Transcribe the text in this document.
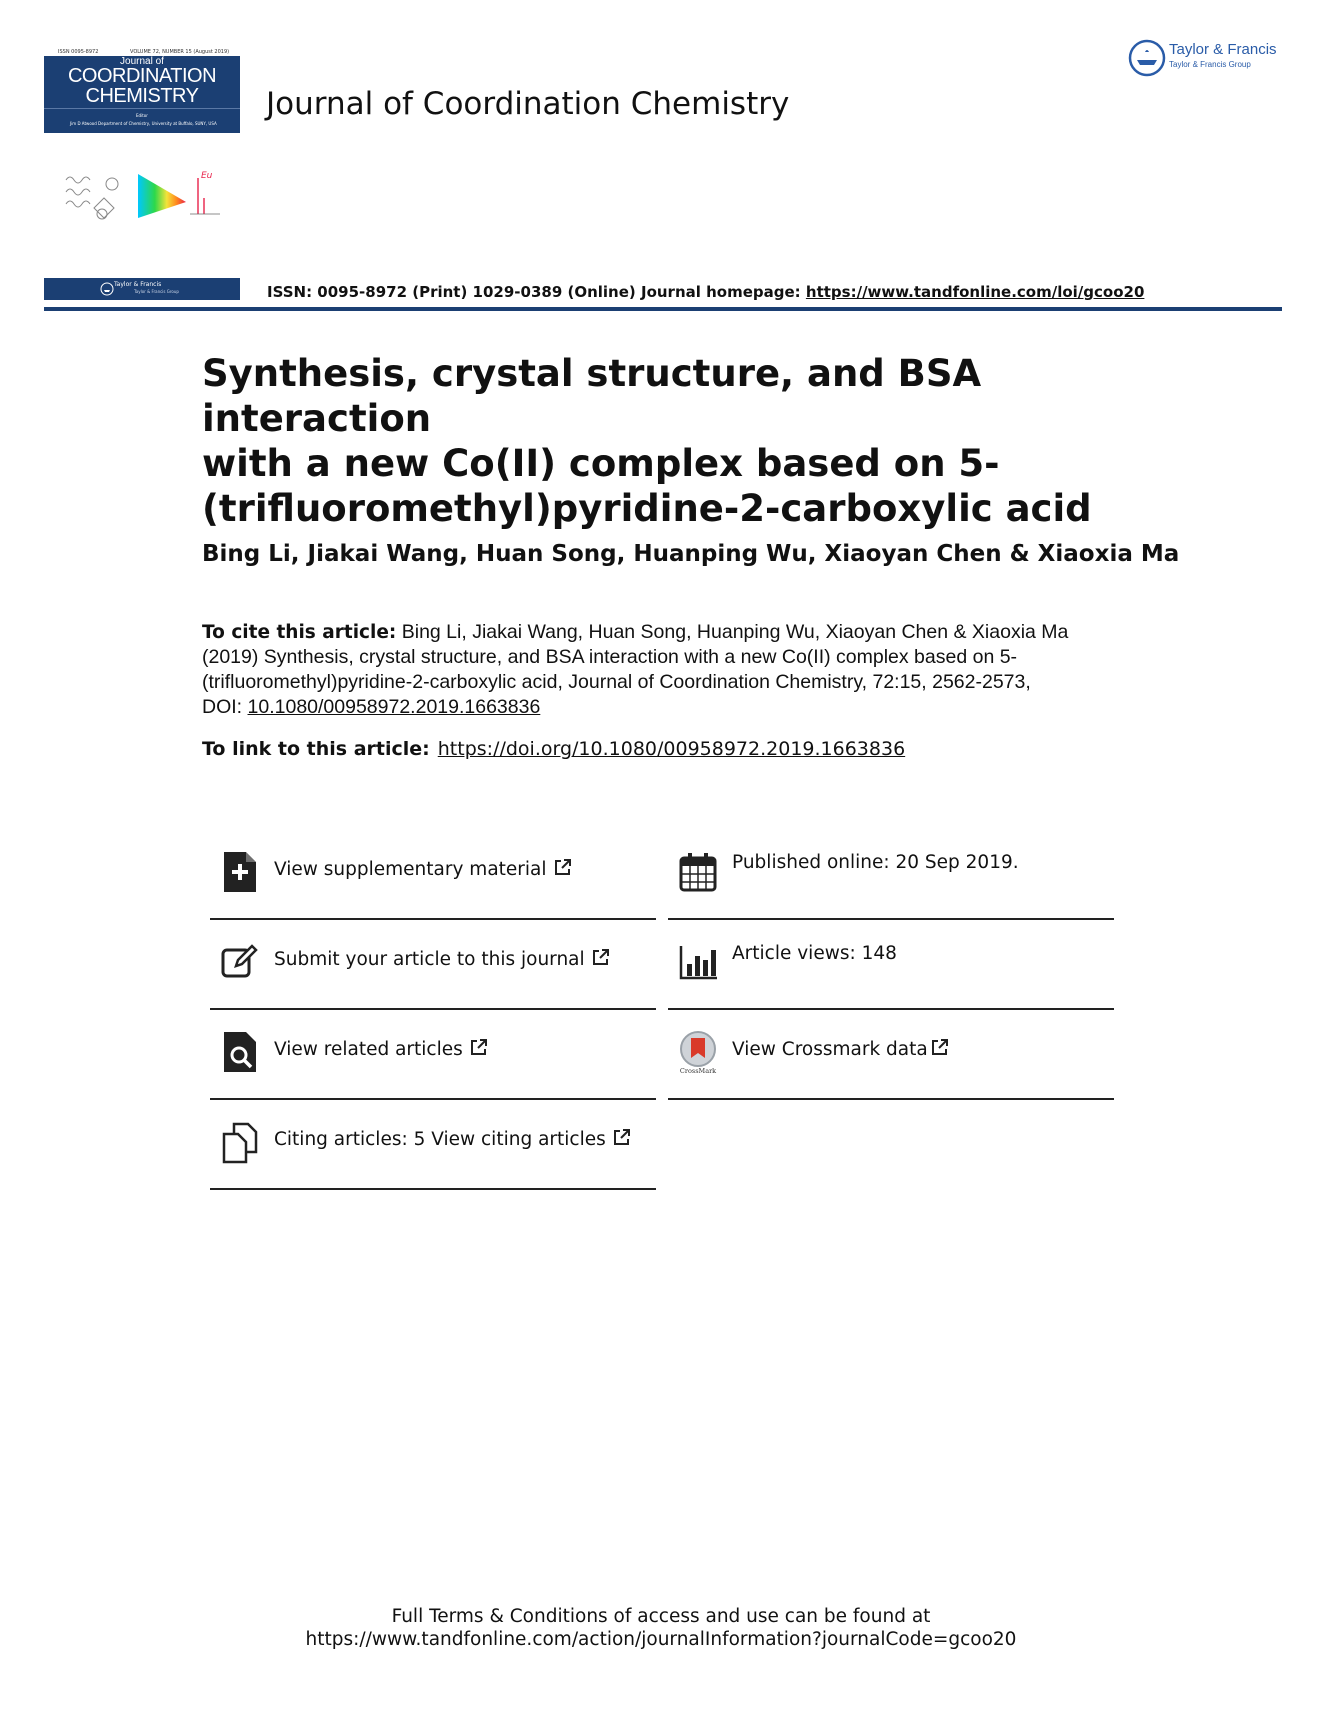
ISSN 0095-8972	VOLUME 72, NUMBER 15 (August 2019)
Journal of
COORDINATION
CHEMISTRY
Editor
Jim D Atwood Department of Chemistry, University at Buffalo, SUNY, USA
Eu
Taylor & Francis
Taylor & Francis Group
Journal of Coordination Chemistry
Taylor & Francis
Taylor & Francis Group
ISSN: 0095-8972 (Print) 1029-0389 (Online) Journal homepage: https://www.tandfonline.com/loi/gcoo20
Synthesis, crystal structure, and BSA interaction
with a new Co(II) complex based on 5-
(trifluoromethyl)pyridine-2-carboxylic acid
Bing Li, Jiakai Wang, Huan Song, Huanping Wu, Xiaoyan Chen & Xiaoxia Ma
To cite this article: Bing Li, Jiakai Wang, Huan Song, Huanping Wu, Xiaoyan Chen & Xiaoxia Ma
(2019) Synthesis, crystal structure, and BSA interaction with a new Co(II) complex based on 5-
(trifluoromethyl)pyridine-2-carboxylic acid, Journal of Coordination Chemistry, 72:15, 2562-2573,
DOI: 10.1080/00958972.2019.1663836
To link to this article: https://doi.org/10.1080/00958972.2019.1663836
View supplementary material
Submit your article to this journal
View related articles
Citing articles: 5 View citing articles
Published online: 20 Sep 2019.
Article views: 148
CrossMark
View Crossmark data
Full Terms & Conditions of access and use can be found at
https://www.tandfonline.com/action/journalInformation?journalCode=gcoo20
